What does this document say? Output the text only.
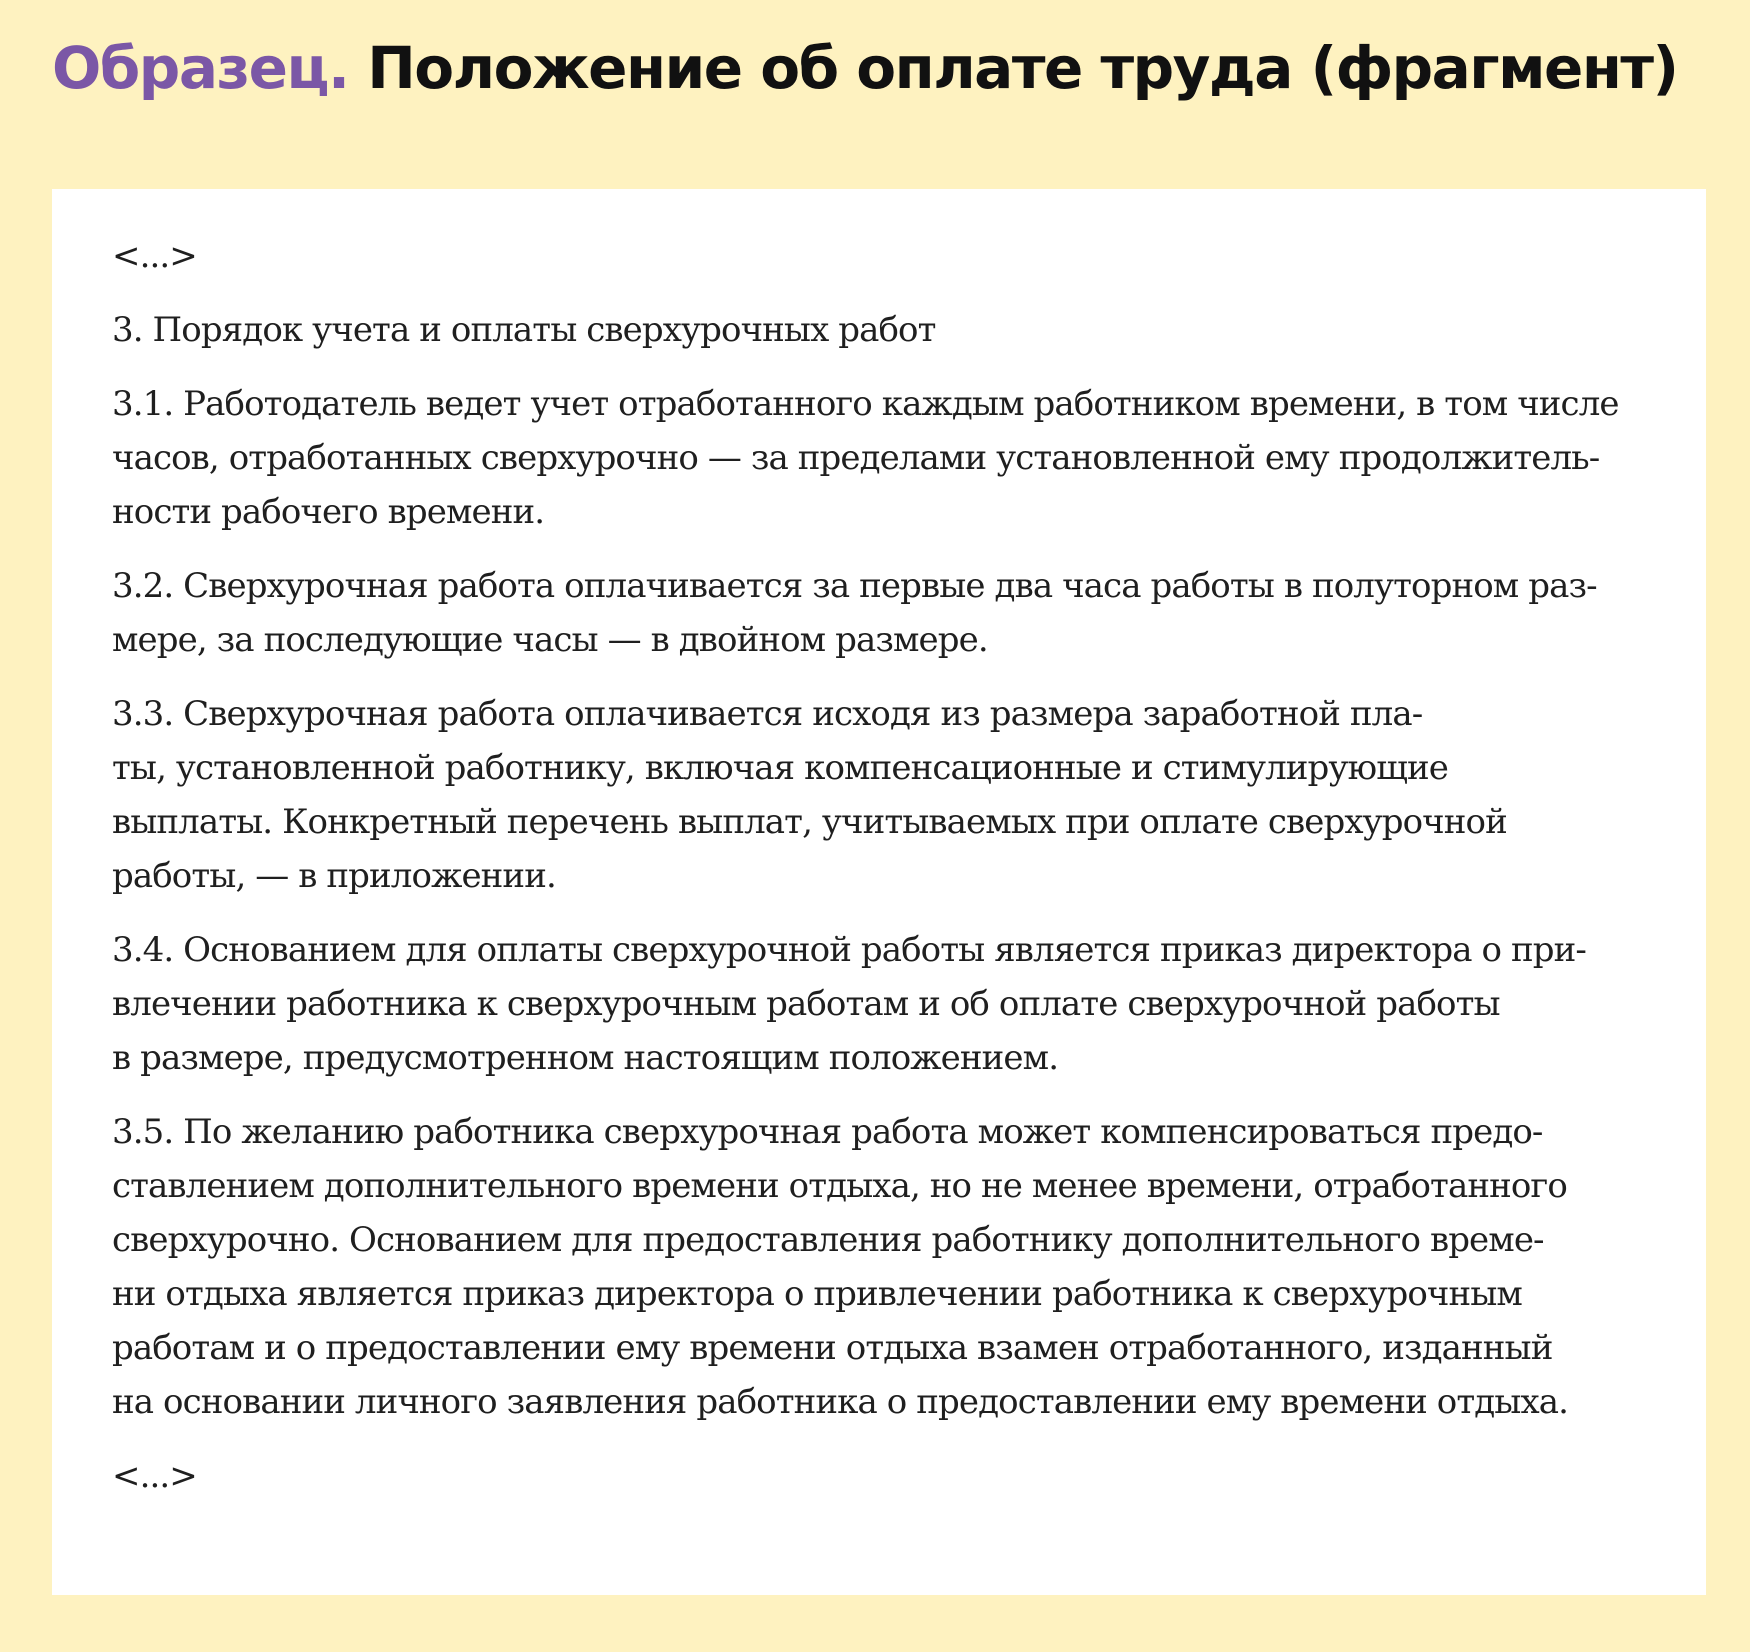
Образец. Положение об оплате труда (фрагмент)

<...>

3. Порядок учета и оплаты сверхурочных работ

3.1. Работодатель ведет учет отработанного каждым работником времени, в том числе
часов, отработанных сверхурочно — за пределами установленной ему продолжитель-
ности рабочего времени.

3.2. Сверхурочная работа оплачивается за первые два часа работы в полуторном раз-
мере, за последующие часы — в двойном размере.

3.3. Сверхурочная работа оплачивается исходя из размера заработной пла-
ты, установленной работнику, включая компенсационные и стимулирующие
выплаты. Конкретный перечень выплат, учитываемых при оплате сверхурочной
работы, — в приложении.

3.4. Основанием для оплаты сверхурочной работы является приказ директора о при-
влечении работника к сверхурочным работам и об оплате сверхурочной работы
в размере, предусмотренном настоящим положением.

3.5. По желанию работника сверхурочная работа может компенсироваться предо-
ставлением дополнительного времени отдыха, но не менее времени, отработанного
сверхурочно. Основанием для предоставления работнику дополнительного време-
ни отдыха является приказ директора о привлечении работника к сверхурочным
работам и о предоставлении ему времени отдыха взамен отработанного, изданный
на основании личного заявления работника о предоставлении ему времени отдыха.

<...>
